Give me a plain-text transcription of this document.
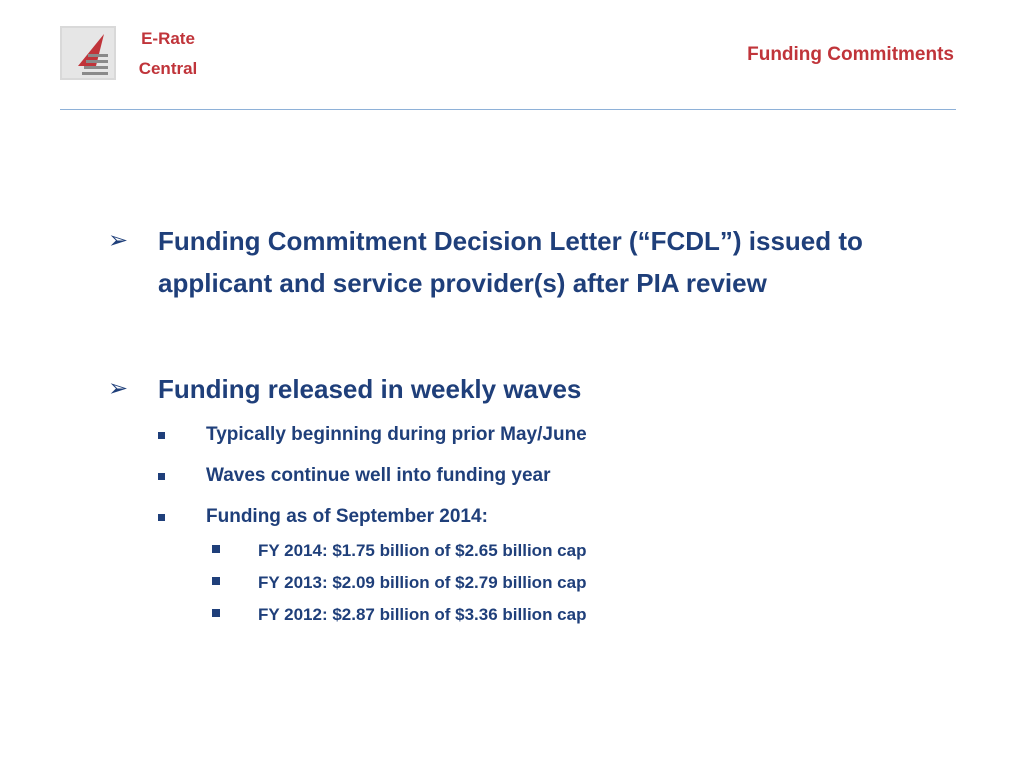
E-Rate
Central
Funding Commitments
➢ Funding Commitment Decision Letter (“FCDL”) issued to applicant and service provider(s) after PIA review
➢ Funding released in weekly waves
Typically beginning during prior May/June
Waves continue well into funding year
Funding as of September 2014:
FY 2014: $1.75 billion of $2.65 billion cap
FY 2013: $2.09 billion of $2.79 billion cap
FY 2012: $2.87 billion of $3.36 billion cap
